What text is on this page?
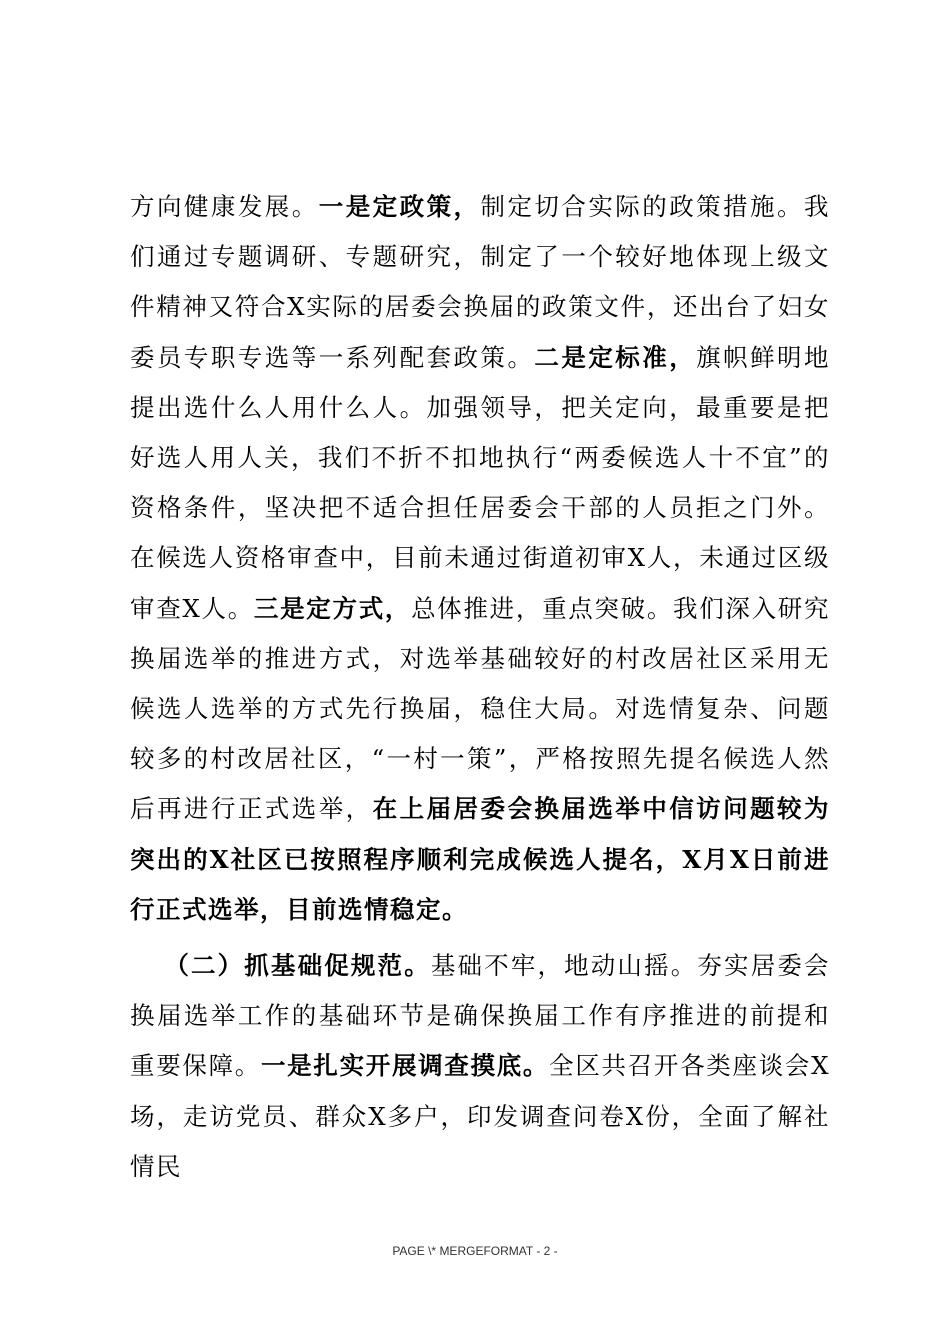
方向健康发展。一是定政策，制定切合实际的政策措施。我们通过专题调研、专题研究，制定了一个较好地体现上级文件精神又符合X实际的居委会换届的政策文件，还出台了妇女委员专职专选等一系列配套政策。二是定标准，旗帜鲜明地提出选什么人用什么人。加强领导，把关定向，最重要是把好选人用人关，我们不折不扣地执行“两委候选人十不宜”的资格条件，坚决把不适合担任居委会干部的人员拒之门外。在候选人资格审查中，目前未通过街道初审X人，未通过区级审查X人。三是定方式，总体推进，重点突破。我们深入研究换届选举的推进方式，对选举基础较好的村改居社区采用无候选人选举的方式先行换届，稳住大局。对选情复杂、问题较多的村改居社区，“一村一策”，严格按照先提名候选人然后再进行正式选举，在上届居委会换届选举中信访问题较为突出的X社区已按照程序顺利完成候选人提名，X月X日前进行正式选举，目前选情稳定。

（二）抓基础促规范。基础不牢，地动山摇。夯实居委会换届选举工作的基础环节是确保换届工作有序推进的前提和重要保障。一是扎实开展调查摸底。全区共召开各类座谈会X场，走访党员、群众X多户，印发调查问卷X份，全面了解社情民

PAGE \* MERGEFORMAT - 2 -
